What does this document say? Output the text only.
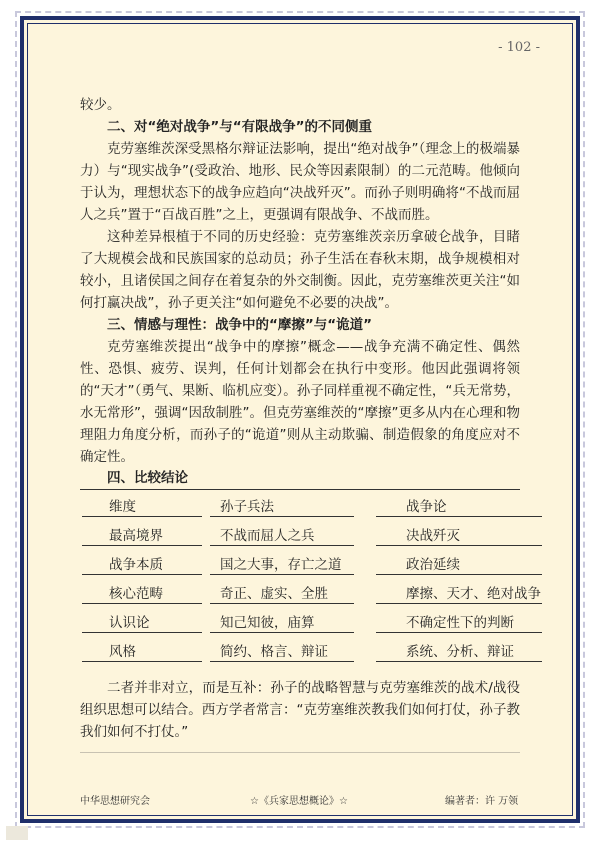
- 102 -

较少。

二、对“绝对战争”与“有限战争”的不同侧重

克劳塞维茨深受黑格尔辩证法影响，提出“绝对战争”（理念上的极端暴力）与“现实战争”(受政治、地形、民众等因素限制）的二元范畴。他倾向于认为，理想状态下的战争应趋向“决战歼灭”。而孙子则明确将“不战而屈人之兵”置于“百战百胜”之上，更强调有限战争、不战而胜。

这种差异根植于不同的历史经验：克劳塞维茨亲历拿破仑战争，目睹了大规模会战和民族国家的总动员；孙子生活在春秋末期，战争规模相对较小，且诸侯国之间存在着复杂的外交制衡。因此，克劳塞维茨更关注“如何打赢决战”，孙子更关注“如何避免不必要的决战”。

三、情感与理性：战争中的“摩擦”与“诡道”

克劳塞维茨提出“战争中的摩擦”概念——战争充满不确定性、偶然性、恐惧、疲劳、误判，任何计划都会在执行中变形。他因此强调将领的“天才”（勇气、果断、临机应变）。孙子同样重视不确定性，“兵无常势，水无常形”，强调“因敌制胜”。但克劳塞维茨的“摩擦”更多从内在心理和物理阻力角度分析，而孙子的“诡道”则从主动欺骗、制造假象的角度应对不确定性。

四、比较结论

维度	孙子兵法	战争论
最高境界	不战而屈人之兵	决战歼灭
战争本质	国之大事，存亡之道	政治延续
核心范畴	奇正、虚实、全胜	摩擦、天才、绝对战争
认识论	知己知彼，庙算	不确定性下的判断
风格	简约、格言、辩证	系统、分析、辩证

二者并非对立，而是互补：孙子的战略智慧与克劳塞维茨的战术/战役组织思想可以结合。西方学者常言：“克劳塞维茨教我们如何打仗，孙子教我们如何不打仗。”

中华思想研究会	☆《兵家思想概论》☆	编著者：许 万领
